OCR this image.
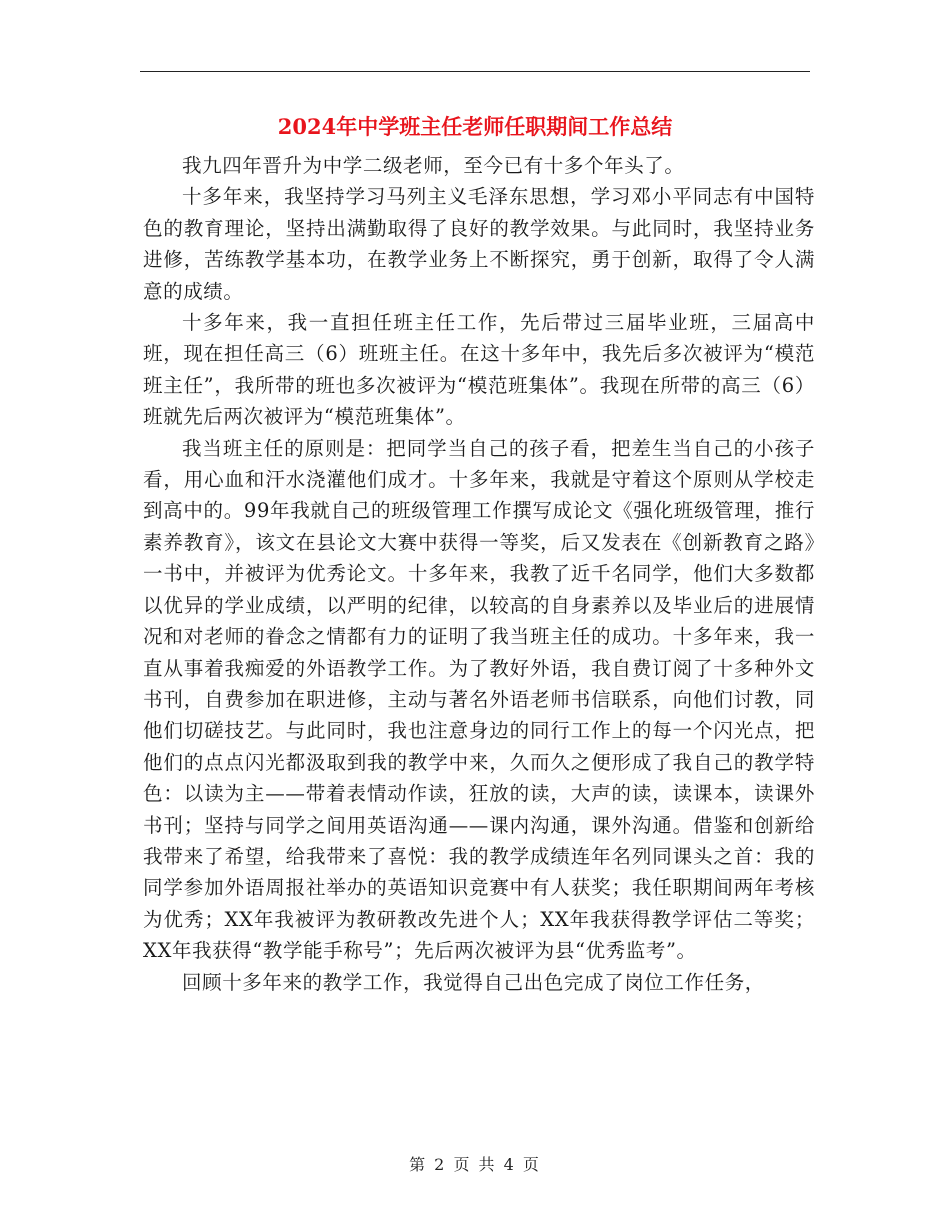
2024年中学班主任老师任职期间工作总结

我九四年晋升为中学二级老师，至今已有十多个年头了。

十多年来，我坚持学习马列主义毛泽东思想，学习邓小平同志有中国特色的教育理论，坚持出满勤取得了良好的教学效果。与此同时，我坚持业务进修，苦练教学基本功，在教学业务上不断探究，勇于创新，取得了令人满意的成绩。

十多年来，我一直担任班主任工作，先后带过三届毕业班，三届高中班，现在担任高三（6）班班主任。在这十多年中，我先后多次被评为“模范班主任”，我所带的班也多次被评为“模范班集体”。我现在所带的高三（6）班就先后两次被评为“模范班集体”。

我当班主任的原则是：把同学当自己的孩子看，把差生当自己的小孩子看，用心血和汗水浇灌他们成才。十多年来，我就是守着这个原则从学校走到高中的。99年我就自己的班级管理工作撰写成论文《强化班级管理，推行素养教育》，该文在县论文大赛中获得一等奖，后又发表在《创新教育之路》一书中，并被评为优秀论文。十多年来，我教了近千名同学，他们大多数都以优异的学业成绩，以严明的纪律，以较高的自身素养以及毕业后的进展情况和对老师的眷念之情都有力的证明了我当班主任的成功。十多年来，我一直从事着我痴爱的外语教学工作。为了教好外语，我自费订阅了十多种外文书刊，自费参加在职进修，主动与著名外语老师书信联系，向他们讨教，同他们切磋技艺。与此同时，我也注意身边的同行工作上的每一个闪光点，把他们的点点闪光都汲取到我的教学中来，久而久之便形成了我自己的教学特色：以读为主——带着表情动作读，狂放的读，大声的读，读课本，读课外书刊；坚持与同学之间用英语沟通——课内沟通，课外沟通。借鉴和创新给我带来了希望，给我带来了喜悦：我的教学成绩连年名列同课头之首：我的同学参加外语周报社举办的英语知识竞赛中有人获奖；我任职期间两年考核为优秀；XX年我被评为教研教改先进个人；XX年我获得教学评估二等奖；XX年我获得“教学能手称号”；先后两次被评为县“优秀监考”。

回顾十多年来的教学工作，我觉得自己出色完成了岗位工作任务，

第 2 页 共 4 页
